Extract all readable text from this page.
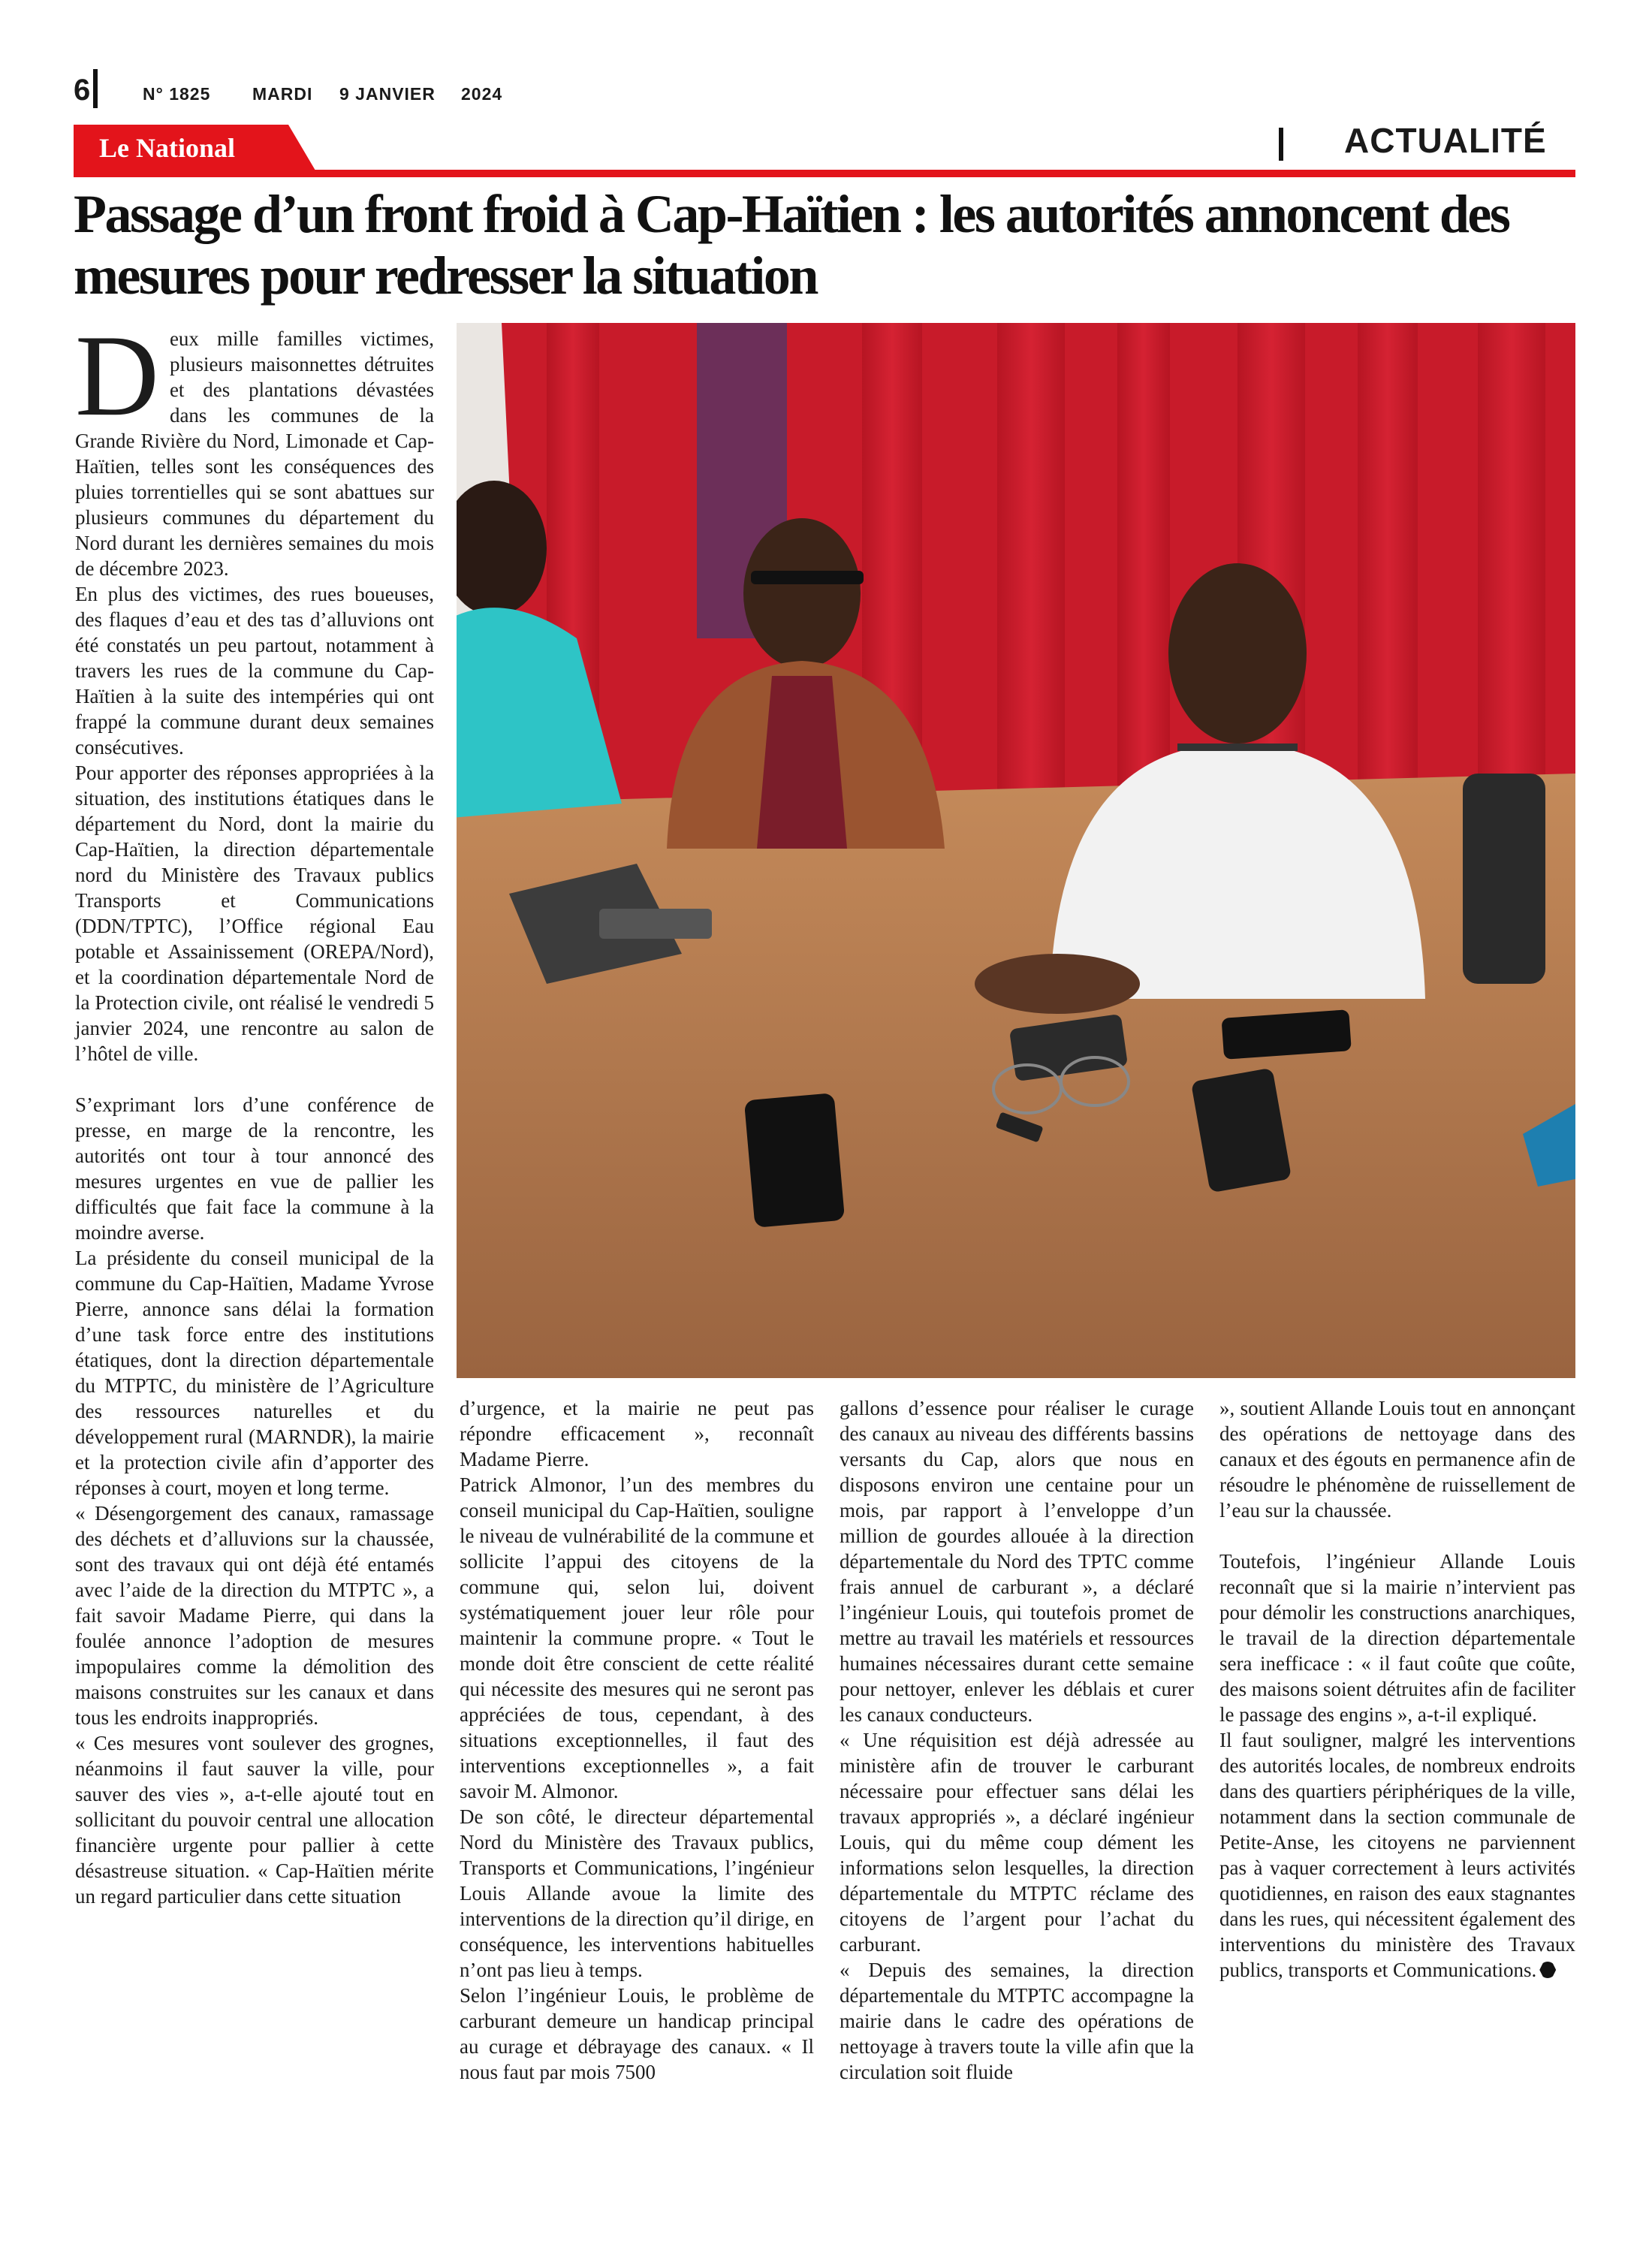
6	N° 1825 MARDI 9 JANVIER 2024
Le National	ACTUALITÉ
Passage d’un front froid à Cap-Haïtien : les autorités annoncent des mesures pour redresser la situation

Deux mille familles victimes, plusieurs maisonnettes détruites et des plantations dévastées dans les communes de la Grande Rivière du Nord, Limonade et Cap-Haïtien, telles sont les conséquences des pluies torrentielles qui se sont abattues sur plusieurs communes du département du Nord durant les dernières semaines du mois de décembre 2023.

En plus des victimes, des rues boueuses, des flaques d’eau et des tas d’alluvions ont été constatés un peu partout, notamment à travers les rues de la commune du Cap-Haïtien à la suite des intempéries qui ont frappé la commune durant deux semaines consécutives.

Pour apporter des réponses appropriées à la situation, des institutions étatiques dans le département du Nord, dont la mairie du Cap-Haïtien, la direction départementale nord du Ministère des Travaux publics Transports et Communications (DDN/TPTC), l’Office régional Eau potable et Assainissement (OREPA/Nord), et la coordination départementale Nord de la Protection civile, ont réalisé le vendredi 5 janvier 2024, une rencontre au salon de l’hôtel de ville.

S’exprimant lors d’une conférence de presse, en marge de la rencontre, les autorités ont tour à tour annoncé des mesures urgentes en vue de pallier les difficultés que fait face la commune à la moindre averse.

La présidente du conseil municipal de la commune du Cap-Haïtien, Madame Yvrose Pierre, annonce sans délai la formation d’une task force entre des institutions étatiques, dont la direction départementale du MTPTC, du ministère de l’Agriculture des ressources naturelles et du développement rural (MARNDR), la mairie et la protection civile afin d’apporter des réponses à court, moyen et long terme.

« Désengorgement des canaux, ramassage des déchets et d’alluvions sur la chaussée, sont des travaux qui ont déjà été entamés avec l’aide de la direction du MTPTC », a fait savoir Madame Pierre, qui dans la foulée annonce l’adoption de mesures impopulaires comme la démolition des maisons construites sur les canaux et dans tous les endroits inappropriés.

« Ces mesures vont soulever des grognes, néanmoins il faut sauver la ville, pour sauver des vies », a-t-elle ajouté tout en sollicitant du pouvoir central une allocation financière urgente pour pallier à cette désastreuse situation. « Cap-Haïtien mérite un regard particulier dans cette situation

d’urgence, et la mairie ne peut pas répondre efficacement », reconnaît Madame Pierre.

Patrick Almonor, l’un des membres du conseil municipal du Cap-Haïtien, souligne le niveau de vulnérabilité de la commune et sollicite l’appui des citoyens de la commune qui, selon lui, doivent systématiquement jouer leur rôle pour maintenir la commune propre. « Tout le monde doit être conscient de cette réalité qui nécessite des mesures qui ne seront pas appréciées de tous, cependant, à des situations exceptionnelles, il faut des interventions exceptionnelles », a fait savoir M. Almonor.

De son côté, le directeur départemental Nord du Ministère des Travaux publics, Transports et Communications, l’ingénieur Louis Allande avoue la limite des interventions de la direction qu’il dirige, en conséquence, les interventions habituelles n’ont pas lieu à temps.

Selon l’ingénieur Louis, le problème de carburant demeure un handicap principal au curage et débrayage des canaux. « Il nous faut par mois 7500

gallons d’essence pour réaliser le curage des canaux au niveau des différents bassins versants du Cap, alors que nous en disposons environ une centaine pour un mois, par rapport à l’enveloppe d’un million de gourdes allouée à la direction départementale du Nord des TPTC comme frais annuel de carburant », a déclaré l’ingénieur Louis, qui toutefois promet de mettre au travail les matériels et ressources humaines nécessaires durant cette semaine pour nettoyer, enlever les déblais et curer les canaux conducteurs.

« Une réquisition est déjà adressée au ministère afin de trouver le carburant nécessaire pour effectuer sans délai les travaux appropriés », a déclaré ingénieur Louis, qui du même coup dément les informations selon lesquelles, la direction départementale du MTPTC réclame des citoyens de l’argent pour l’achat du carburant.

« Depuis des semaines, la direction départementale du MTPTC accompagne la mairie dans le cadre des opérations de nettoyage à travers toute la ville afin que la circulation soit fluide

», soutient Allande Louis tout en annonçant des opérations de nettoyage dans des canaux et des égouts en permanence afin de résoudre le phénomène de ruissellement de l’eau sur la chaussée.

Toutefois, l’ingénieur Allande Louis reconnaît que si la mairie n’intervient pas pour démolir les constructions anarchiques, le travail de la direction départementale sera inefficace : « il faut coûte que coûte, des maisons soient détruites afin de faciliter le passage des engins », a-t-il expliqué.

Il faut souligner, malgré les interventions des autorités locales, de nombreux endroits dans des quartiers périphériques de la ville, notamment dans la section communale de Petite-Anse, les citoyens ne parviennent pas à vaquer correctement à leurs activités quotidiennes, en raison des eaux stagnantes dans les rues, qui nécessitent également des interventions du ministère des Travaux publics, transports et Communications.
